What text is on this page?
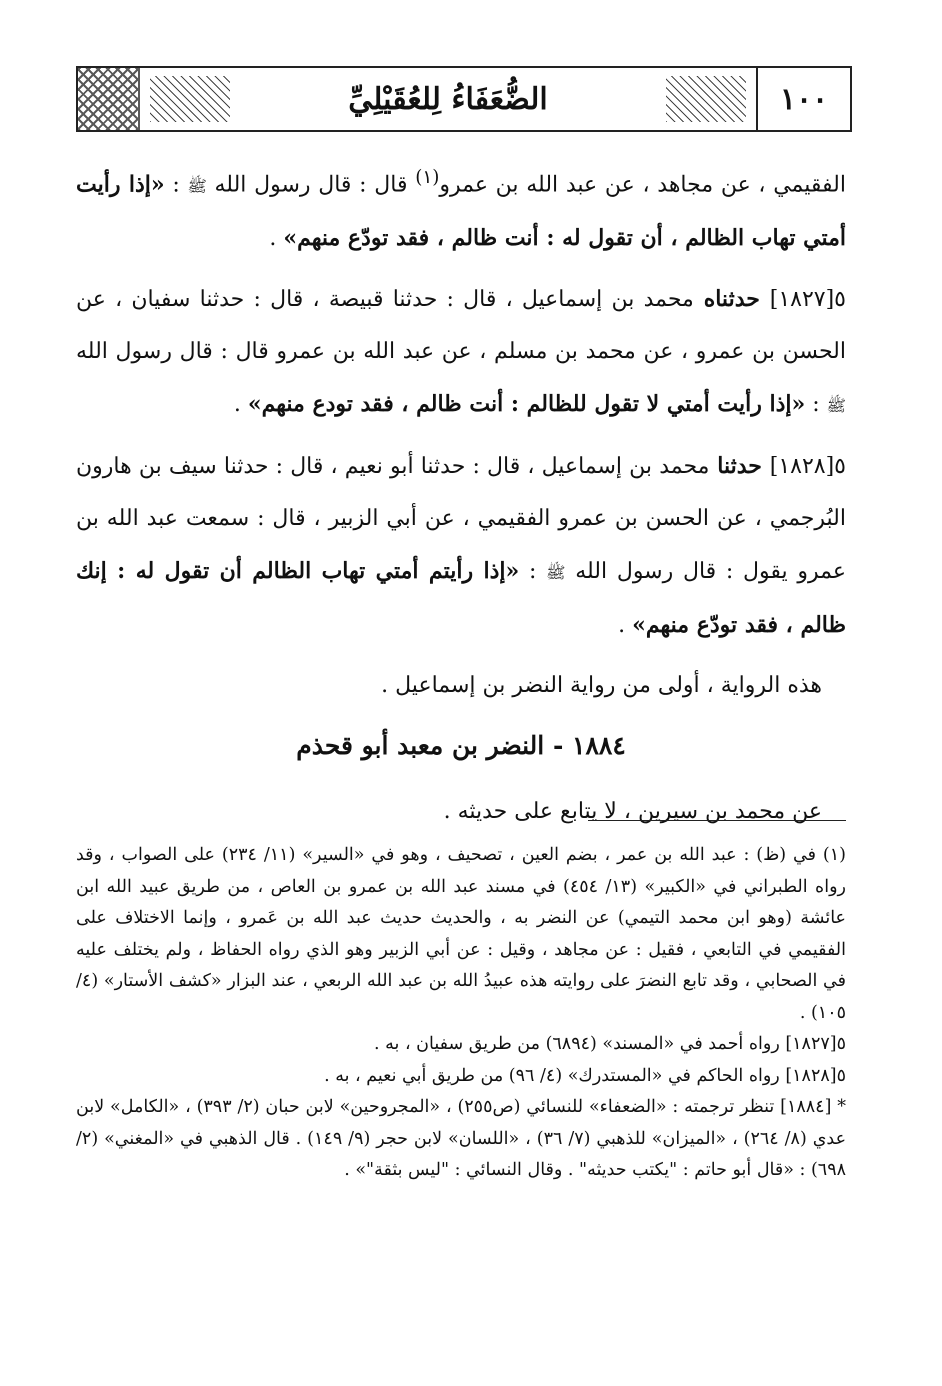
الضُّعَفَاءُ لِلعُقَيْلِيِّ	١٠٠

الفقيمي ، عن مجاهد ، عن عبد الله بن عمرو$^{(١)}$ قال : قال رسول الله ﷺ : «إذا رأيت أمتي تهاب الظالم ، أن تقول له : أنت ظالم ، فقد تودّع منهم» .

٥[١٨٢٧] حدثناه محمد بن إسماعيل ، قال : حدثنا قبيصة ، قال : حدثنا سفيان ، عن الحسن بن عمرو ، عن محمد بن مسلم ، عن عبد الله بن عمرو قال : قال رسول الله ﷺ : «إذا رأيت أمتي لا تقول للظالم : أنت ظالم ، فقد تودع منهم» .

٥[١٨٢٨] حدثنا محمد بن إسماعيل ، قال : حدثنا أبو نعيم ، قال : حدثنا سيف بن هارون البُرجمي ، عن الحسن بن عمرو الفقيمي ، عن أبي الزبير ، قال : سمعت عبد الله بن عمرو يقول : قال رسول الله ﷺ : «إذا رأيتم أمتي تهاب الظالم أن تقول له : إنك ظالم ، فقد تودّع منهم» .

هذه الرواية ، أولى من رواية النضر بن إسماعيل .

١٨٨٤ - النضر بن معبد أبو قحذم

عن محمد بن سيرين ، لا يتابع على حديثه .

(١) في (ظ) : عبد الله بن عمر ، بضم العين ، تصحيف ، وهو في «السير» (١١/ ٢٣٤) على الصواب ، وقد رواه الطبراني في «الكبير» (١٣/ ٤٥٤) في مسند عبد الله بن عمرو بن العاص ، من طريق عبيد الله ابن عائشة (وهو ابن محمد التيمي) عن النضر به ، والحديث حديث عبد الله بن عَمرو ، وإنما الاختلاف على الفقيمي في التابعي ، فقيل : عن مجاهد ، وقيل : عن أبي الزبير وهو الذي رواه الحفاظ ، ولم يختلف عليه في الصحابي ، وقد تابع النضرَ على روايته هذه عبيدُ الله بن عبد الله الربعي ، عند البزار «كشف الأستار» (٤/ ١٠٥) .

٥[١٨٢٧] رواه أحمد في «المسند» (٦٨٩٤) من طريق سفيان ، به .

٥[١٨٢٨] رواه الحاكم في «المستدرك» (٤/ ٩٦) من طريق أبي نعيم ، به .

* [١٨٨٤] تنظر ترجمته : «الضعفاء» للنسائي (ص٢٥٥) ، «المجروحين» لابن حبان (٢/ ٣٩٣) ، «الكامل» لابن عدي (٨/ ٢٦٤) ، «الميزان» للذهبي (٧/ ٣٦) ، «اللسان» لابن حجر (٩/ ١٤٩) . قال الذهبي في «المغني» (٢/ ٦٩٨) : «قال أبو حاتم : "يكتب حديثه" . وقال النسائي : "ليس بثقة"» .
